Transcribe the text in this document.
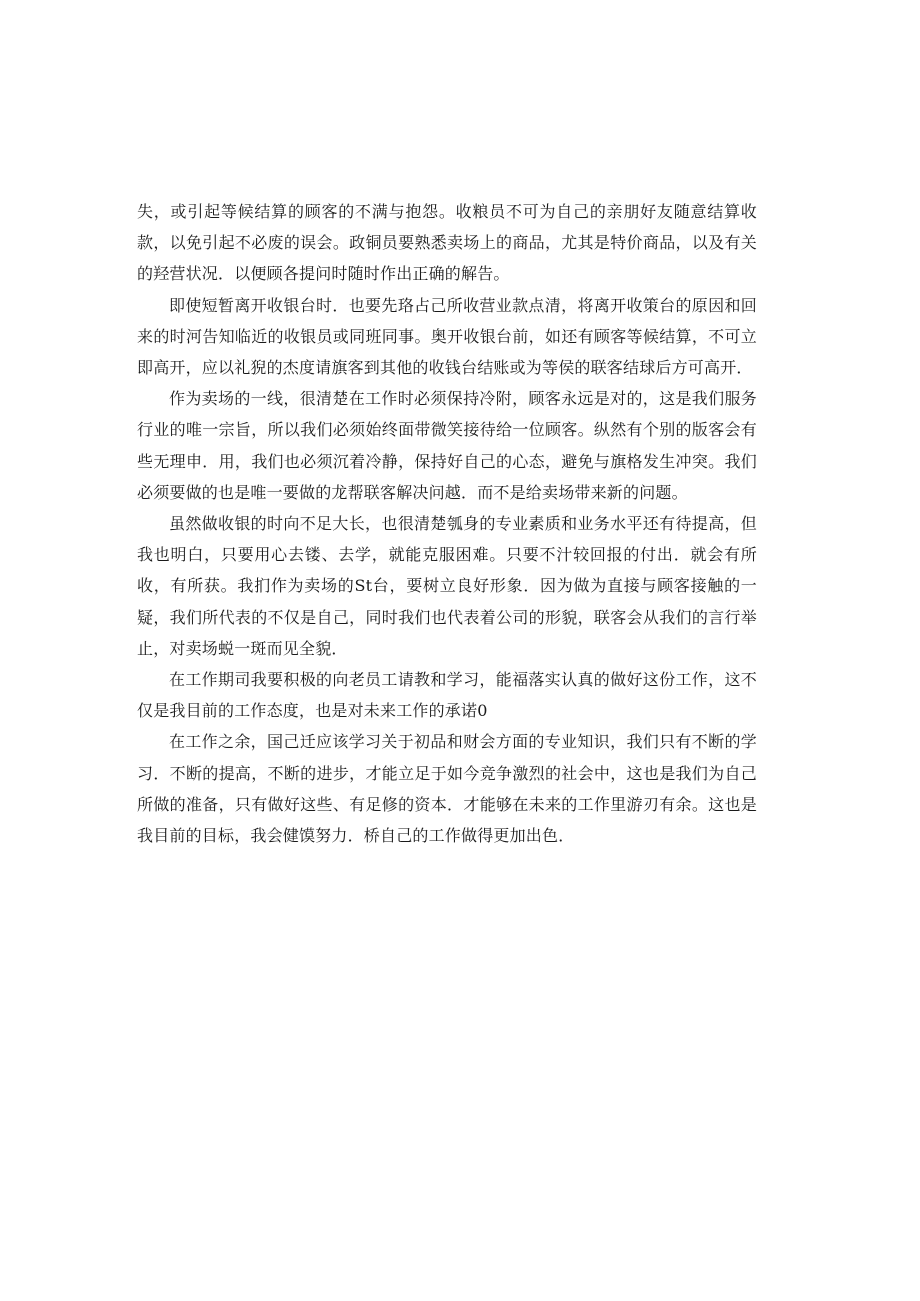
失，或引起等候结算的顾客的不满与抱怨。收粮员不可为自己的亲朋好友随意结算收款，以免引起不必废的误会。政铜员要熟悉卖场上的商品，尤其是特价商品，以及有关的羟营状况．以便顾各提问时随时作出正确的解告。

即使短暂离开收银台时．也要先珞占己所收营业款点清，将离开收策台的原因和回来的时河告知临近的收银员或同班同事。奥开收银台前，如还有顾客等候结算，不可立即高开，应以礼猊的杰度请旗客到其他的收钱台结账或为等侯的联客结球后方可高开．

作为卖场的一线，很清楚在工作时必须保持冷附，顾客永远是对的，这是我们服务行业的唯一宗旨，所以我们必须始终面带微笑接待给一位顾客。纵然有个别的版客会有些无理申．用，我们也必须沉着冷静，保持好自己的心态，避免与旗格发生冲突。我们必须要做的也是唯一要做的龙帮联客解决问越．而不是给卖场带来新的问题。

虽然做收银的时向不足大长，也很清楚瓠身的专业素质和业务水平还有待提高，但我也明白，只要用心去镂、去学，就能克服困难。只要不汁较回报的付出．就会有所收，有所获。我扪作为卖场的St台，要树立良好形象．因为做为直接与顾客接触的一疑，我们所代表的不仅是自己，同时我们也代表着公司的形貌，联客会从我们的言行举止，对卖场蜕一斑而见全貌．

在工作期司我要积极的向老员工请教和学习，能福落实认真的做好这份工作，这不仅是我目前的工作态度，也是对未来工作的承诺0

在工作之余，国己迁应该学习关于初品和财会方面的专业知识，我们只有不断的学习．不断的提高，不断的进步，才能立足于如今竞争激烈的社会中，这也是我们为自己所做的准备，只有做好这些、有足修的资本．才能够在未来的工作里游刃有余。这也是我目前的目标，我会健馍努力．桥自己的工作做得更加出色．
